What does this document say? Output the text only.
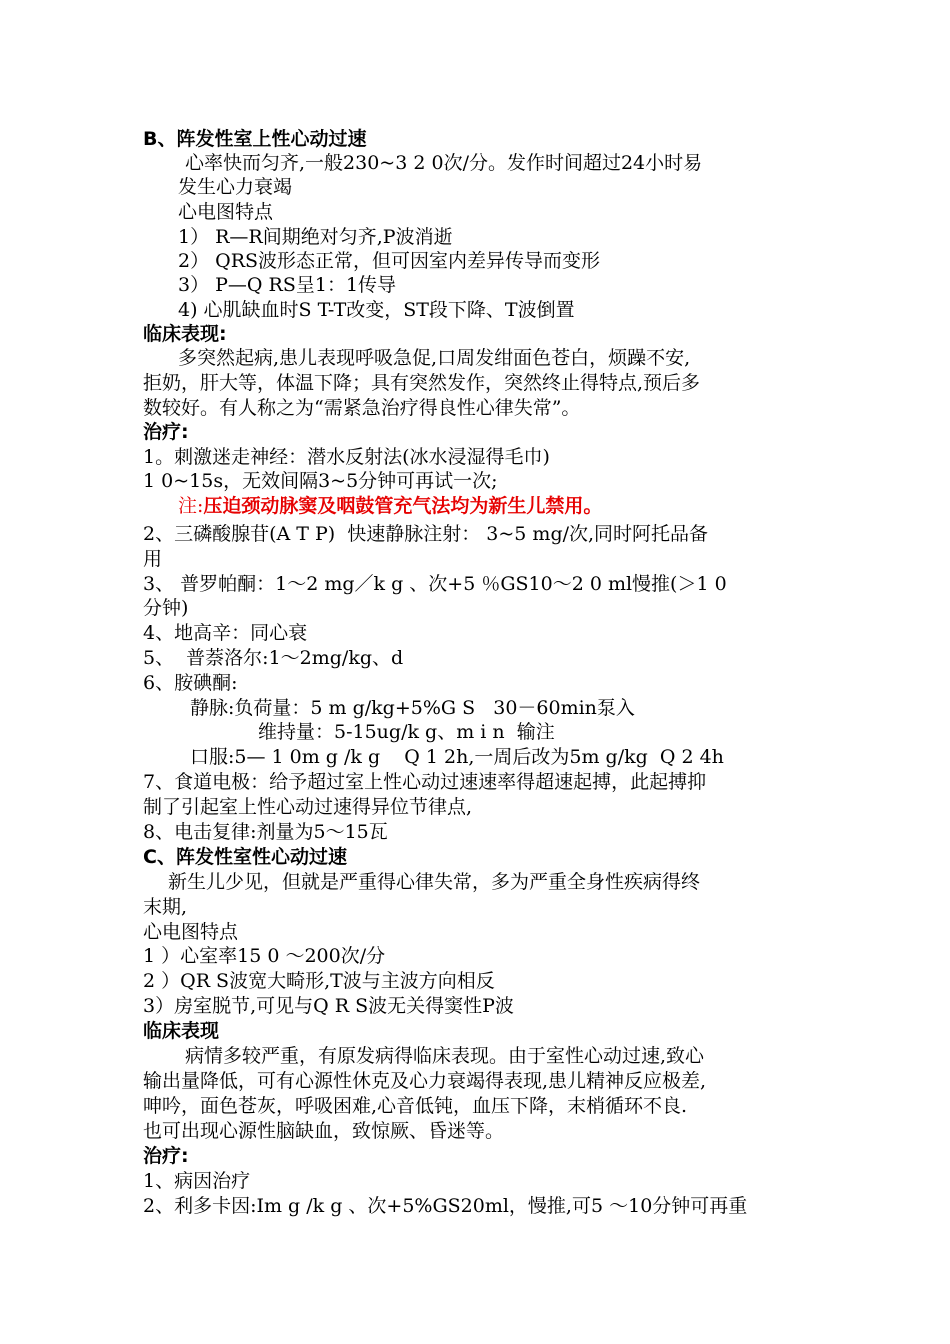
B、阵发性室上性心动过速
心率快而匀齐,一般230~3 2 0次/分。发作时间超过24小时易
发生心力衰竭
心电图特点
1） R—R间期绝对匀齐,P波消逝
2） QRS波形态正常，但可因室内差异传导而变形
3） P—Q RS呈1：1传导
4) 心肌缺血时S T-T改变，ST段下降、T波倒置
临床表现:
多突然起病,患儿表现呼吸急促,口周发绀面色苍白，烦躁不安,
拒奶，肝大等，体温下降；具有突然发作，突然终止得特点,预后多
数较好。有人称之为“需紧急治疗得良性心律失常”。
治疗:
1。刺激迷走神经：潜水反射法(冰水浸湿得毛巾)
1 0~15s，无效间隔3~5分钟可再试一次;
注:压迫颈动脉窦及咽鼓管充气法均为新生儿禁用。
2、三磷酸腺苷(A T P)  快速静脉注射： 3~5 mg/次,同时阿托品备
用
3、 普罗帕酮：1～2 mg／k g 、次+5 ％GS10～2 0 ml慢推(＞1 0
分钟)
4、地高辛：同心衰
5、  普萘洛尔:1～2mg/kg、d
6、胺碘酮:
静脉:负荷量：5 m g/kg+5%G S   30－60min泵入
维持量：5-15ug/k g、m i n  输注
口服:5— 1 0m g /k g    Q 1 2h,一周后改为5m g/kg  Q 2 4h
7、食道电极：给予超过室上性心动过速速率得超速起搏，此起搏抑
制了引起室上性心动过速得异位节律点,
8、电击复律:剂量为5～15瓦
C、阵发性室性心动过速
新生儿少见，但就是严重得心律失常，多为严重全身性疾病得终
末期,
心电图特点
1 ）心室率15 0 ～200次/分
2 ）QR S波宽大畸形,T波与主波方向相反
3）房室脱节,可见与Q R S波无关得窦性P波
临床表现
病情多较严重，有原发病得临床表现。由于室性心动过速,致心
输出量降低，可有心源性休克及心力衰竭得表现,患儿精神反应极差,
呻吟，面色苍灰，呼吸困难,心音低钝，血压下降，末梢循环不良.
也可出现心源性脑缺血，致惊厥、昏迷等。
治疗:
1、病因治疗
2、利多卡因:Im g /k g 、次+5%GS20ml，慢推,可5 ～10分钟可再重
